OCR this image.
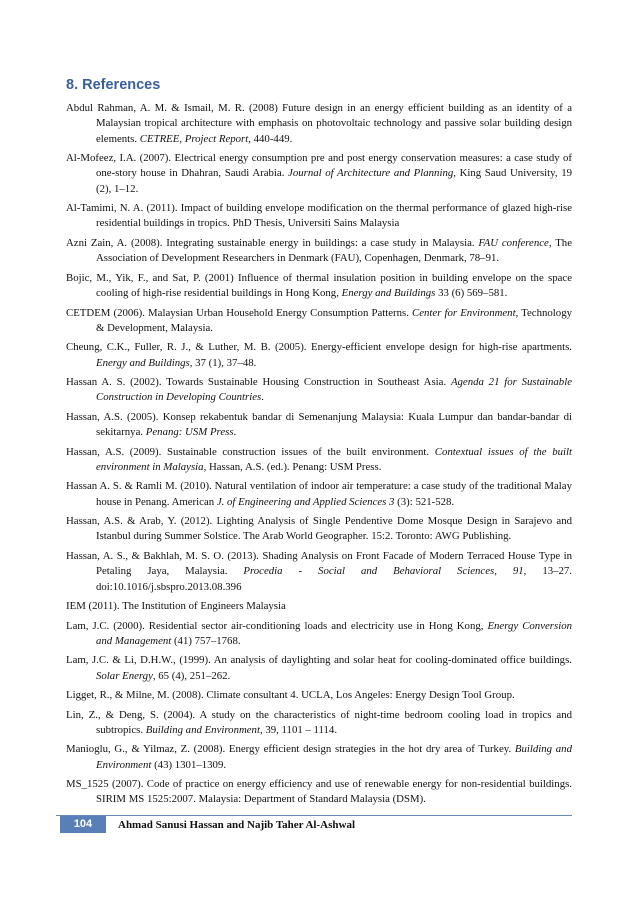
8. References
Abdul Rahman, A. M. & Ismail, M. R. (2008) Future design in an energy efficient building as an identity of a Malaysian tropical architecture with emphasis on photovoltaic technology and passive solar building design elements. CETREE, Project Report, 440-449.
Al-Mofeez, I.A. (2007). Electrical energy consumption pre and post energy conservation measures: a case study of one-story house in Dhahran, Saudi Arabia. Journal of Architecture and Planning, King Saud University, 19 (2), 1–12.
Al-Tamimi, N. A. (2011). Impact of building envelope modification on the thermal performance of glazed high-rise residential buildings in tropics. PhD Thesis, Universiti Sains Malaysia
Azni Zain, A. (2008). Integrating sustainable energy in buildings: a case study in Malaysia. FAU conference, The Association of Development Researchers in Denmark (FAU), Copenhagen, Denmark, 78–91.
Bojic, M., Yik, F., and Sat, P. (2001) Influence of thermal insulation position in building envelope on the space cooling of high-rise residential buildings in Hong Kong, Energy and Buildings 33 (6) 569–581.
CETDEM (2006). Malaysian Urban Household Energy Consumption Patterns. Center for Environment, Technology & Development, Malaysia.
Cheung, C.K., Fuller, R. J., & Luther, M. B. (2005). Energy-efficient envelope design for high-rise apartments. Energy and Buildings, 37 (1), 37–48.
Hassan A. S. (2002). Towards Sustainable Housing Construction in Southeast Asia. Agenda 21 for Sustainable Construction in Developing Countries.
Hassan, A.S. (2005). Konsep rekabentuk bandar di Semenanjung Malaysia: Kuala Lumpur dan bandar-bandar di sekitarnya. Penang: USM Press.
Hassan, A.S. (2009). Sustainable construction issues of the built environment. Contextual issues of the built environment in Malaysia, Hassan, A.S. (ed.). Penang: USM Press.
Hassan A. S. & Ramli M. (2010). Natural ventilation of indoor air temperature: a case study of the traditional Malay house in Penang. American J. of Engineering and Applied Sciences 3 (3): 521-528.
Hassan, A.S. & Arab, Y. (2012). Lighting Analysis of Single Pendentive Dome Mosque Design in Sarajevo and Istanbul during Summer Solstice. The Arab World Geographer. 15:2. Toronto: AWG Publishing.
Hassan, A. S., & Bakhlah, M. S. O. (2013). Shading Analysis on Front Facade of Modern Terraced House Type in Petaling Jaya, Malaysia. Procedia - Social and Behavioral Sciences, 91, 13–27. doi:10.1016/j.sbspro.2013.08.396
IEM (2011). The Institution of Engineers Malaysia
Lam, J.C. (2000). Residential sector air-conditioning loads and electricity use in Hong Kong, Energy Conversion and Management (41) 757–1768.
Lam, J.C. & Li, D.H.W., (1999). An analysis of daylighting and solar heat for cooling-dominated office buildings. Solar Energy, 65 (4), 251–262.
Ligget, R., & Milne, M. (2008). Climate consultant 4. UCLA, Los Angeles: Energy Design Tool Group.
Lin, Z., & Deng, S. (2004). A study on the characteristics of night-time bedroom cooling load in tropics and subtropics. Building and Environment, 39, 1101 – 1114.
Manioglu, G., & Yilmaz, Z. (2008). Energy efficient design strategies in the hot dry area of Turkey. Building and Environment (43) 1301–1309.
MS_1525 (2007). Code of practice on energy efficiency and use of renewable energy for non-residential buildings. SIRIM MS 1525:2007. Malaysia: Department of Standard Malaysia (DSM).
104	Ahmad Sanusi Hassan and Najib Taher Al-Ashwal
